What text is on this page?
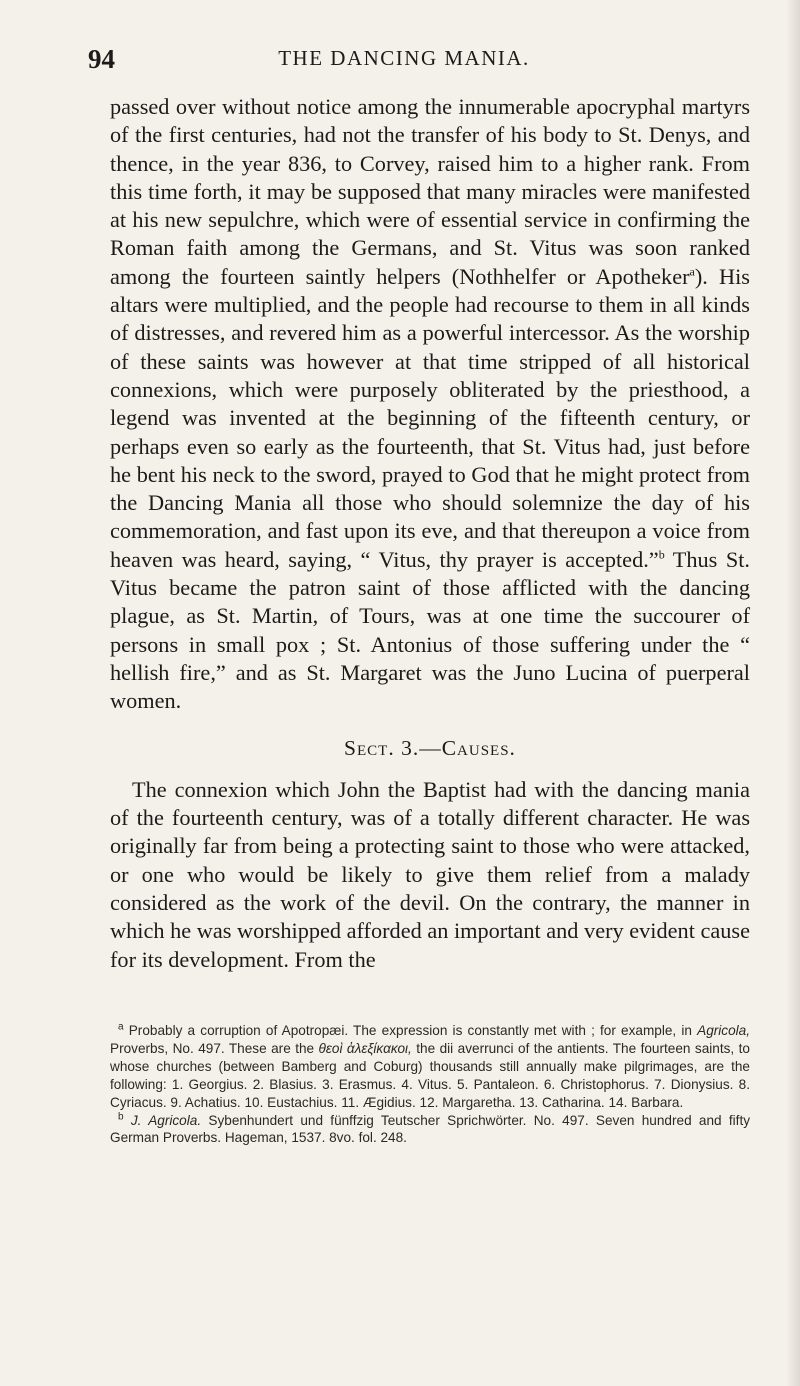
94	THE DANCING MANIA.

passed over without notice among the innumerable apocryphal martyrs of the first centuries, had not the transfer of his body to St. Denys, and thence, in the year 836, to Corvey, raised him to a higher rank. From this time forth, it may be supposed that many miracles were manifested at his new sepulchre, which were of essential service in confirming the Roman faith among the Germans, and St. Vitus was soon ranked among the fourteen saintly helpers (Nothhelfer or Apotheker$^a$). His altars were multiplied, and the people had recourse to them in all kinds of distresses, and revered him as a powerful intercessor. As the worship of these saints was however at that time stripped of all historical connexions, which were purposely obliterated by the priesthood, a legend was invented at the beginning of the fifteenth century, or perhaps even so early as the fourteenth, that St. Vitus had, just before he bent his neck to the sword, prayed to God that he might protect from the Dancing Mania all those who should solemnize the day of his commemoration, and fast upon its eve, and that thereupon a voice from heaven was heard, saying, “ Vitus, thy prayer is accepted.”$^b$ Thus St. Vitus became the patron saint of those afflicted with the dancing plague, as St. Martin, of Tours, was at one time the succourer of persons in small pox ; St. Antonius of those suffering under the “ hellish fire,” and as St. Margaret was the Juno Lucina of puerperal women.

Sect. 3.—Causes.

The connexion which John the Baptist had with the dancing mania of the fourteenth century, was of a totally different character. He was originally far from being a protecting saint to those who were attacked, or one who would be likely to give them relief from a malady considered as the work of the devil. On the contrary, the manner in which he was worshipped afforded an important and very evident cause for its development. From the

$^a$ Probably a corruption of Apotropæi. The expression is constantly met with ; for example, in Agricola, Proverbs, No. 497. These are the θεοὶ ἀλεξίκακοι, the dii averrunci of the antients. The fourteen saints, to whose churches (between Bamberg and Coburg) thousands still annually make pilgrimages, are the following: 1. Georgius. 2. Blasius. 3. Erasmus. 4. Vitus. 5. Pantaleon. 6. Christophorus. 7. Dionysius. 8. Cyriacus. 9. Achatius. 10. Eustachius. 11. Ægidius. 12. Margaretha. 13. Catharina. 14. Barbara.

$^b$ J. Agricola. Sybenhundert und fünffzig Teutscher Sprichwörter. No. 497. Seven hundred and fifty German Proverbs. Hageman, 1537. 8vo. fol. 248.
